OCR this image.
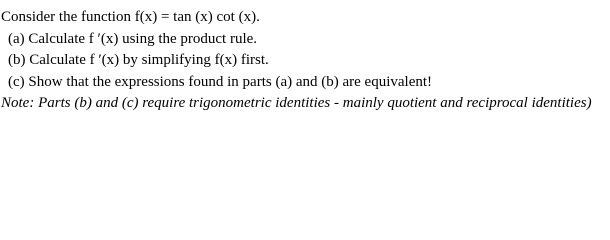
Consider the function f(x) = tan (x) cot (x).
(a) Calculate f ′(x) using the product rule.
(b) Calculate f ′(x) by simplifying f(x) first.
(c) Show that the expressions found in parts (a) and (b) are equivalent!
Note: Parts (b) and (c) require trigonometric identities - mainly quotient and reciprocal identities)
